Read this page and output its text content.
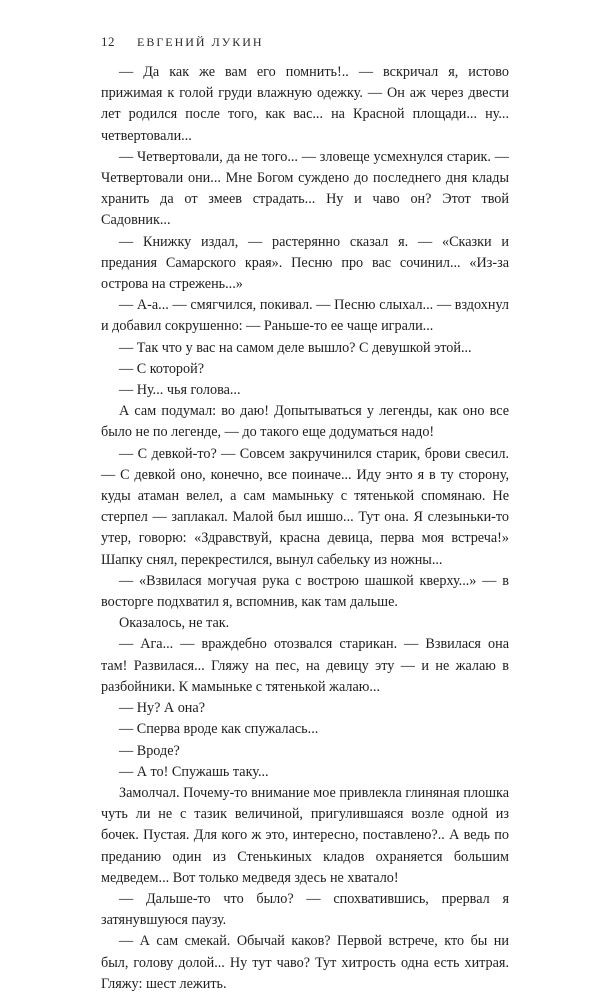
12 ЕВГЕНИЙ ЛУКИН

— Да как же вам его помнить!.. — вскричал я, истово прижимая к голой груди влажную одежку. — Он аж через двести лет родился после того, как вас... на Красной площади... ну... четвертовали...

— Четвертовали, да не того... — зловеще усмехнулся старик. — Четвертовали они... Мне Богом суждено до последнего дня клады хранить да от змеев страдать... Ну и чаво он? Этот твой Садовник...

— Книжку издал, — растерянно сказал я. — «Сказки и предания Самарского края». Песню про вас сочинил... «Из-за острова на стрежень...»

— А-а... — смягчился, покивал. — Песню слыхал... — вздохнул и добавил сокрушенно: — Раньше-то ее чаще играли...

— Так что у вас на самом деле вышло? С девушкой этой...

— С которой?

— Ну... чья голова...

А сам подумал: во даю! Допытываться у легенды, как оно все было не по легенде, — до такого еще додуматься надо!

— С девкой-то? — Совсем закручинился старик, брови свесил. — С девкой оно, конечно, все поиначе... Иду энто я в ту сторону, куды атаман велел, а сам мамыньку с тятенькой спомянаю. Не стерпел — заплакал. Малой был ишшо... Тут она. Я слезыньки-то утер, говорю: «Здравствуй, красна девица, перва моя встреча!» Шапку снял, перекрестился, вынул сабельку из ножны...

— «Взвилася могучая рука с вострою шашкой кверху...» — в восторге подхватил я, вспомнив, как там дальше.

Оказалось, не так.

— Ага... — враждебно отозвался старикан. — Взвилася она там! Развилася... Гляжу на пес, на девицу эту — и не жалаю в разбойники. К мамыньке с тятенькой жалаю...

— Ну? А она?

— Сперва вроде как спужалась...

— Вроде?

— А то! Спужашь таку...

Замолчал. Почему-то внимание мое привлекла глиняная плошка чуть ли не с тазик величиной, пригулившаяся возле одной из бочек. Пустая. Для кого ж это, интересно, поставлено?.. А ведь по преданию один из Стенькиных кладов охраняется большим медведем... Вот только медведя здесь не хватало!

— Дальше-то что было? — спохватившись, прервал я затянувшуюся паузу.

— А сам смекай. Обычай каков? Первой встрече, кто бы ни был, голову долой... Ну тут чаво? Тут хитрость одна есть хитрая. Гляжу: шест лежить.
